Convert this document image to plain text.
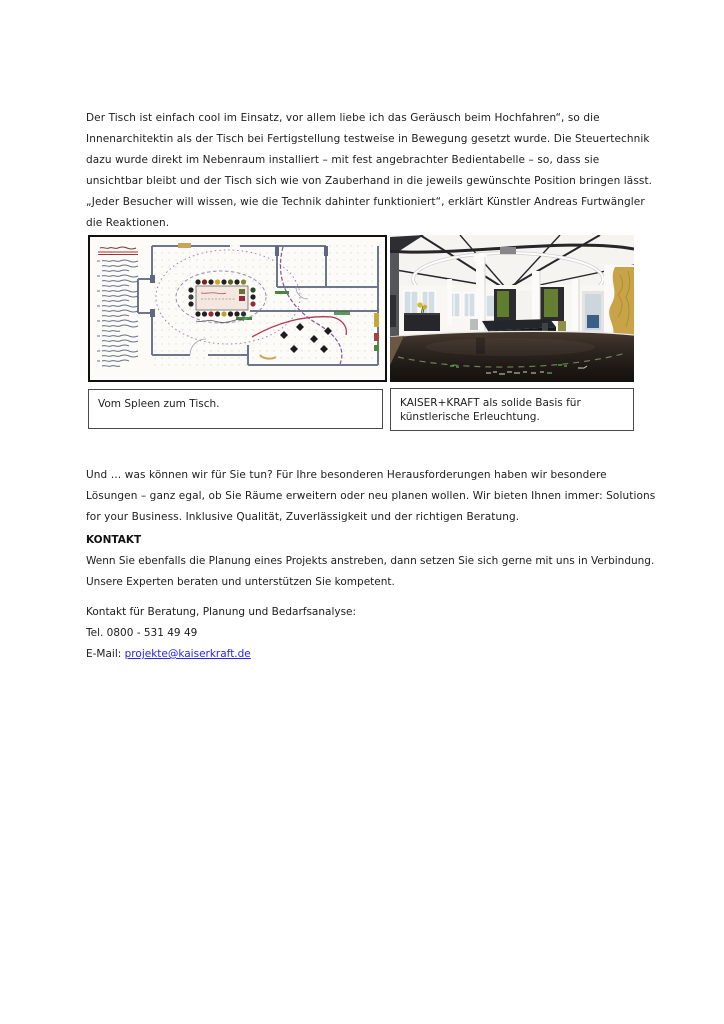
Der Tisch ist einfach cool im Einsatz, vor allem liebe ich das Geräusch beim Hochfahren“, so die Innenarchitektin als der Tisch bei Fertigstellung testweise in Bewegung gesetzt wurde. Die Steuertechnik dazu wurde direkt im Nebenraum installiert – mit fest angebrachter Bedientabelle – so, dass sie unsichtbar bleibt und der Tisch sich wie von Zauberhand in die jeweils gewünschte Position bringen lässt. „Jeder Besucher will wissen, wie die Technik dahinter funktioniert“, erklärt Künstler Andreas Furtwängler die Reaktionen.

Vom Spleen zum Tisch.	KAISER+KRAFT als solide Basis für künstlerische Erleuchtung.

Und … was können wir für Sie tun? Für Ihre besonderen Herausforderungen haben wir besondere Lösungen – ganz egal, ob Sie Räume erweitern oder neu planen wollen. Wir bieten Ihnen immer: Solutions for your Business. Inklusive Qualität, Zuverlässigkeit und der richtigen Beratung.

KONTAKT

Wenn Sie ebenfalls die Planung eines Projekts anstreben, dann setzen Sie sich gerne mit uns in Verbindung. Unsere Experten beraten und unterstützen Sie kompetent.

Kontakt für Beratung, Planung und Bedarfsanalyse:
Tel. 0800 - 531 49 49
E-Mail: projekte@kaiserkraft.de
